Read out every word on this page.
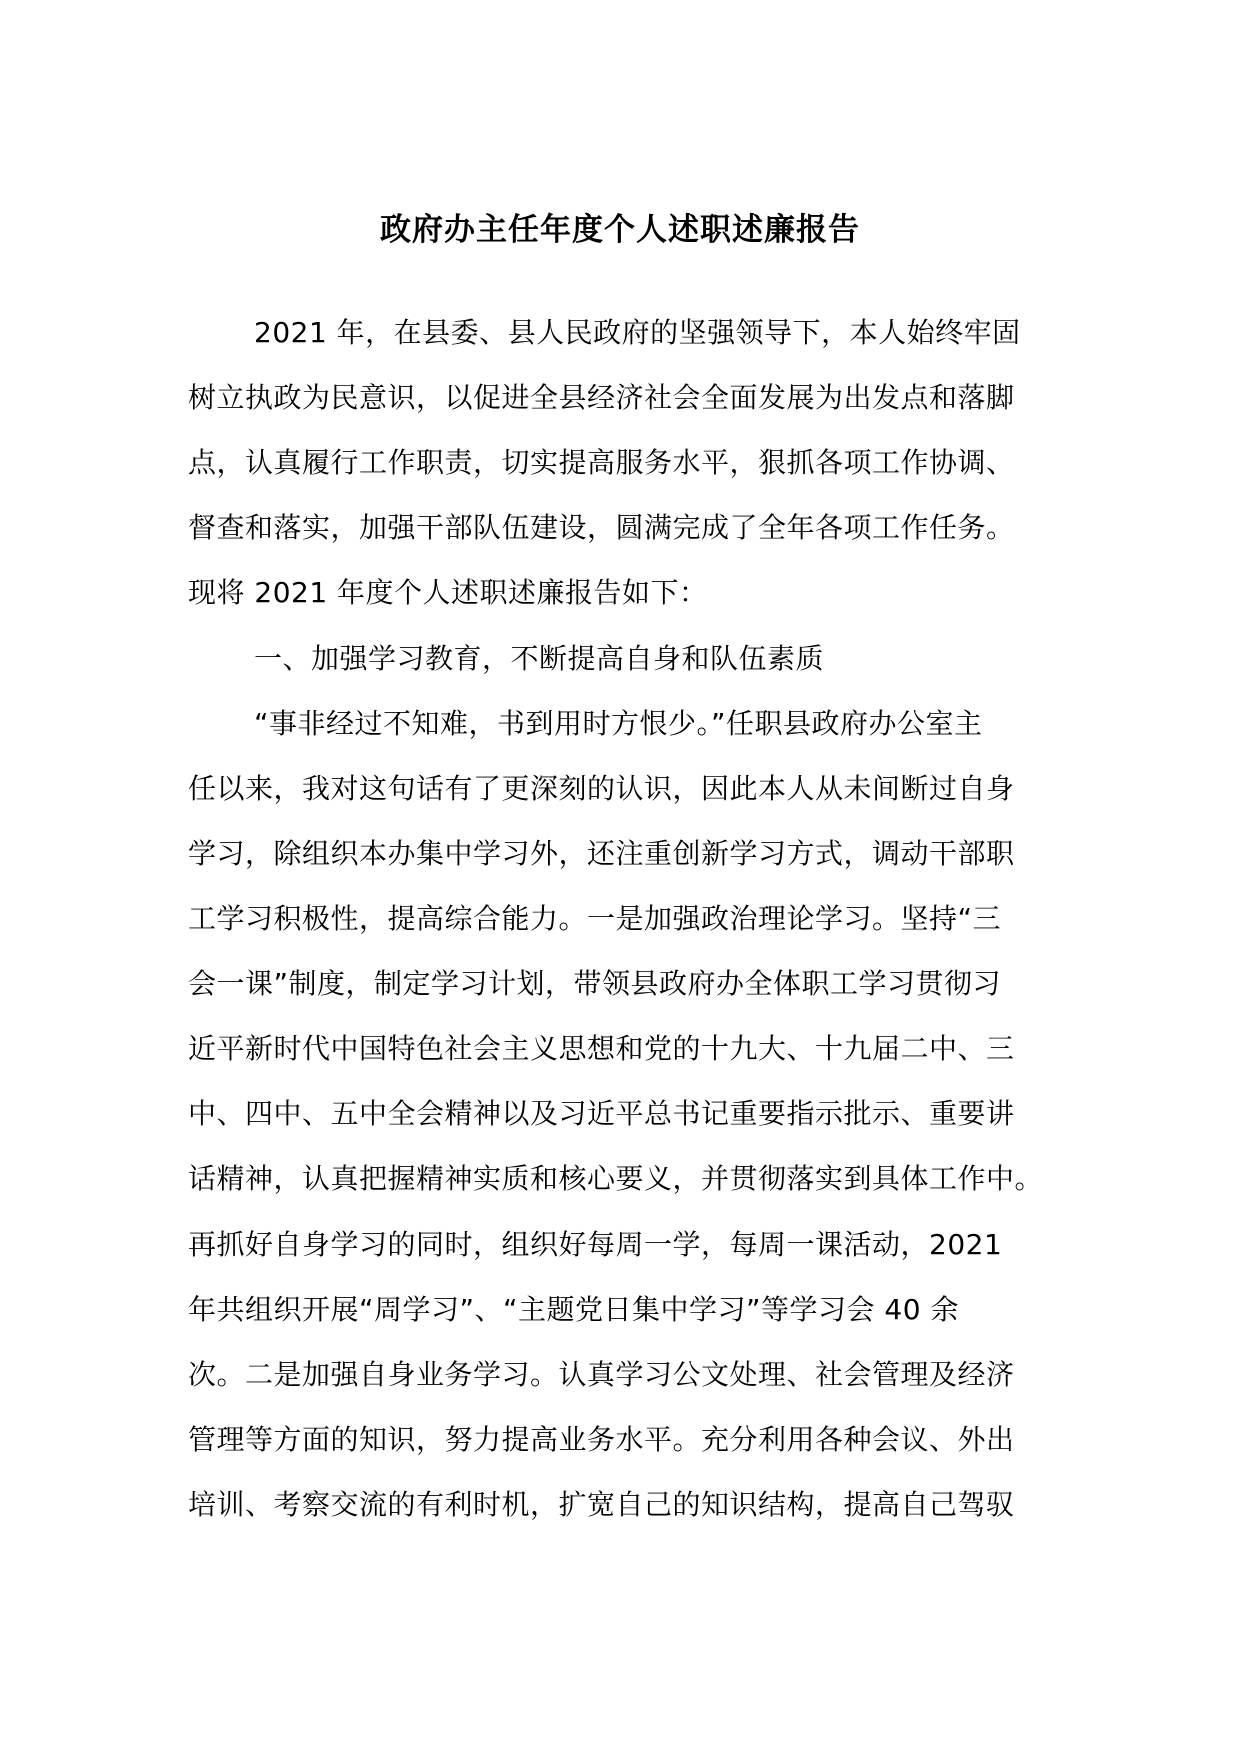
政府办主任年度个人述职述廉报告

2021 年，在县委、县人民政府的坚强领导下，本人始终牢固

树立执政为民意识，以促进全县经济社会全面发展为出发点和落脚

点，认真履行工作职责，切实提高服务水平，狠抓各项工作协调、

督查和落实，加强干部队伍建设，圆满完成了全年各项工作任务。

现将 2021 年度个人述职述廉报告如下：

一、加强学习教育，不断提高自身和队伍素质

“事非经过不知难，书到用时方恨少。”任职县政府办公室主

任以来，我对这句话有了更深刻的认识，因此本人从未间断过自身

学习，除组织本办集中学习外，还注重创新学习方式，调动干部职

工学习积极性，提高综合能力。一是加强政治理论学习。坚持“三

会一课”制度，制定学习计划，带领县政府办全体职工学习贯彻习

近平新时代中国特色社会主义思想和党的十九大、十九届二中、三

中、四中、五中全会精神以及习近平总书记重要指示批示、重要讲

话精神，认真把握精神实质和核心要义，并贯彻落实到具体工作中。

再抓好自身学习的同时，组织好每周一学，每周一课活动，2021

年共组织开展“周学习”、“主题党日集中学习”等学习会 40 余

次。二是加强自身业务学习。认真学习公文处理、社会管理及经济

管理等方面的知识，努力提高业务水平。充分利用各种会议、外出

培训、考察交流的有利时机，扩宽自己的知识结构，提高自己驾驭
